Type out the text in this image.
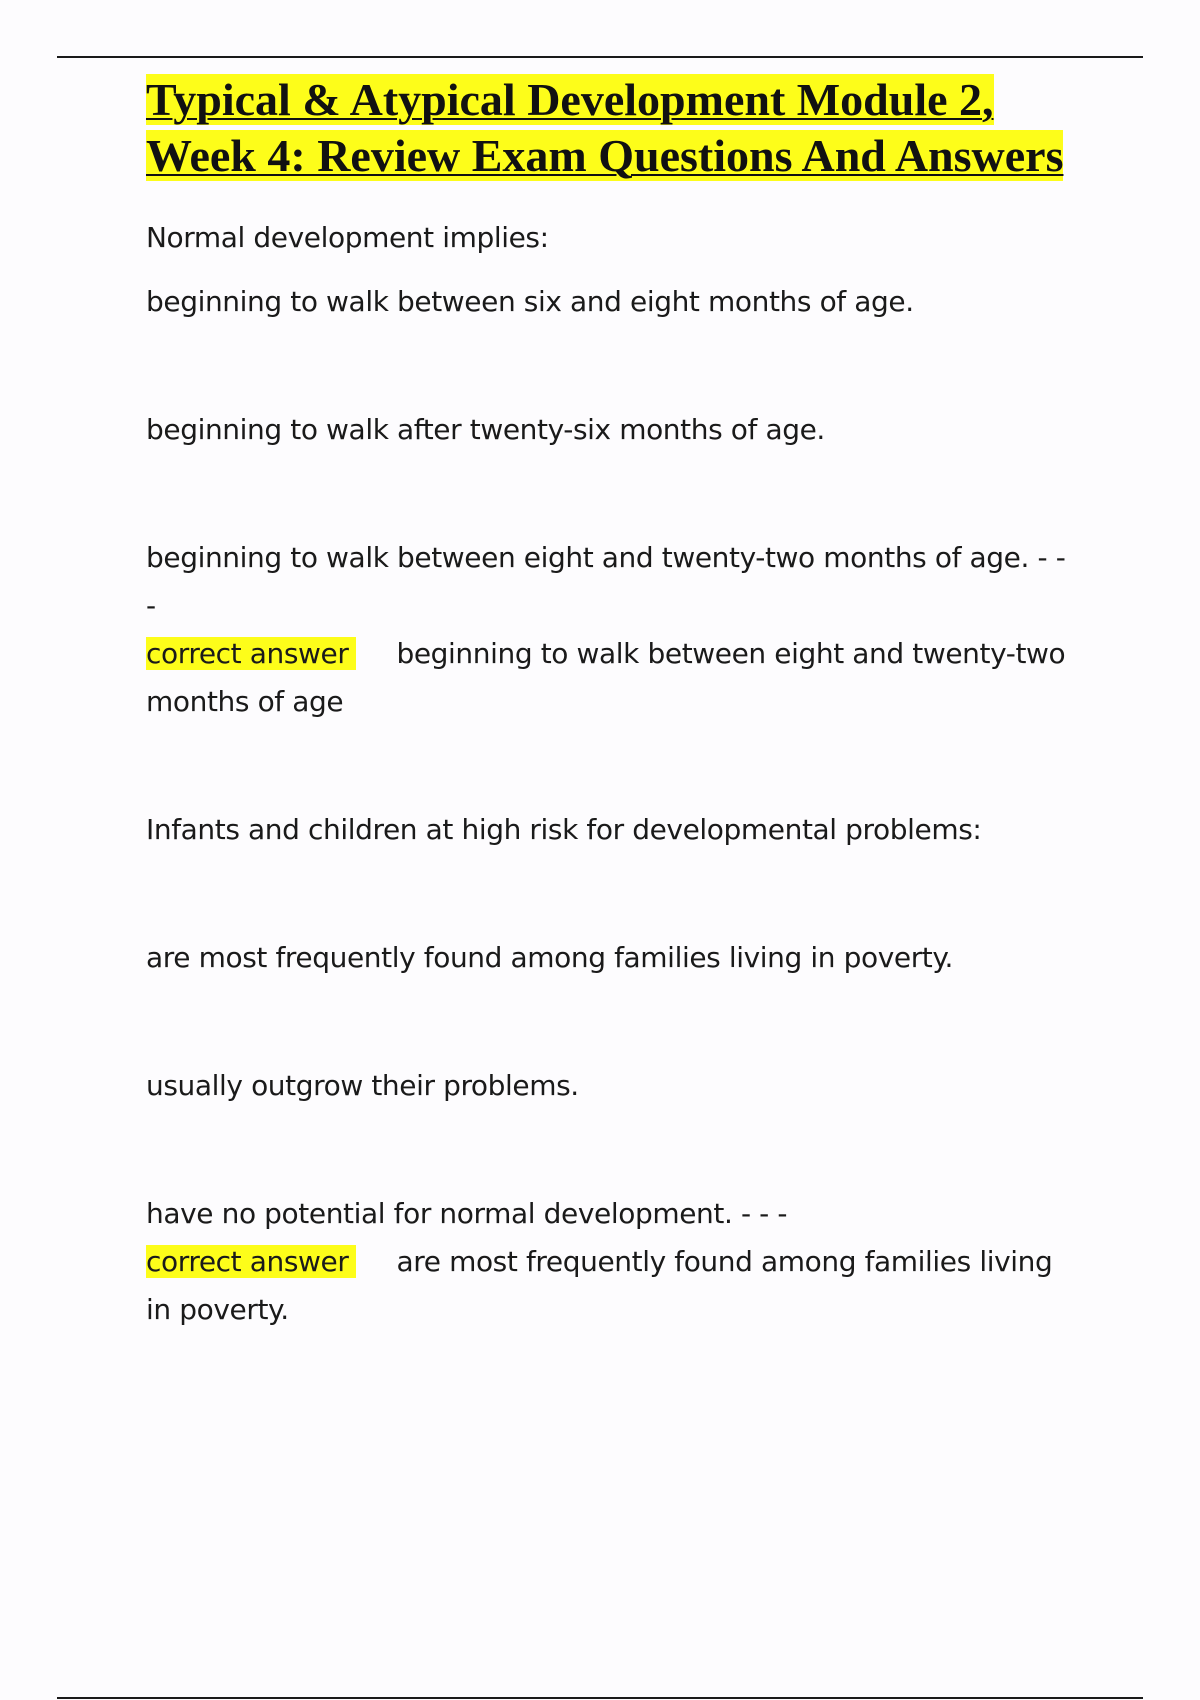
Typical & Atypical Development Module 2, Week 4: Review Exam Questions And Answers

Normal development implies:

beginning to walk between six and eight months of age.

beginning to walk after twenty-six months of age.

beginning to walk between eight and twenty-two months of age. - - -

correct answer beginning to walk between eight and twenty-two months of age

Infants and children at high risk for developmental problems:

are most frequently found among families living in poverty.

usually outgrow their problems.

have no potential for normal development. - - -

correct answer are most frequently found among families living in poverty.
